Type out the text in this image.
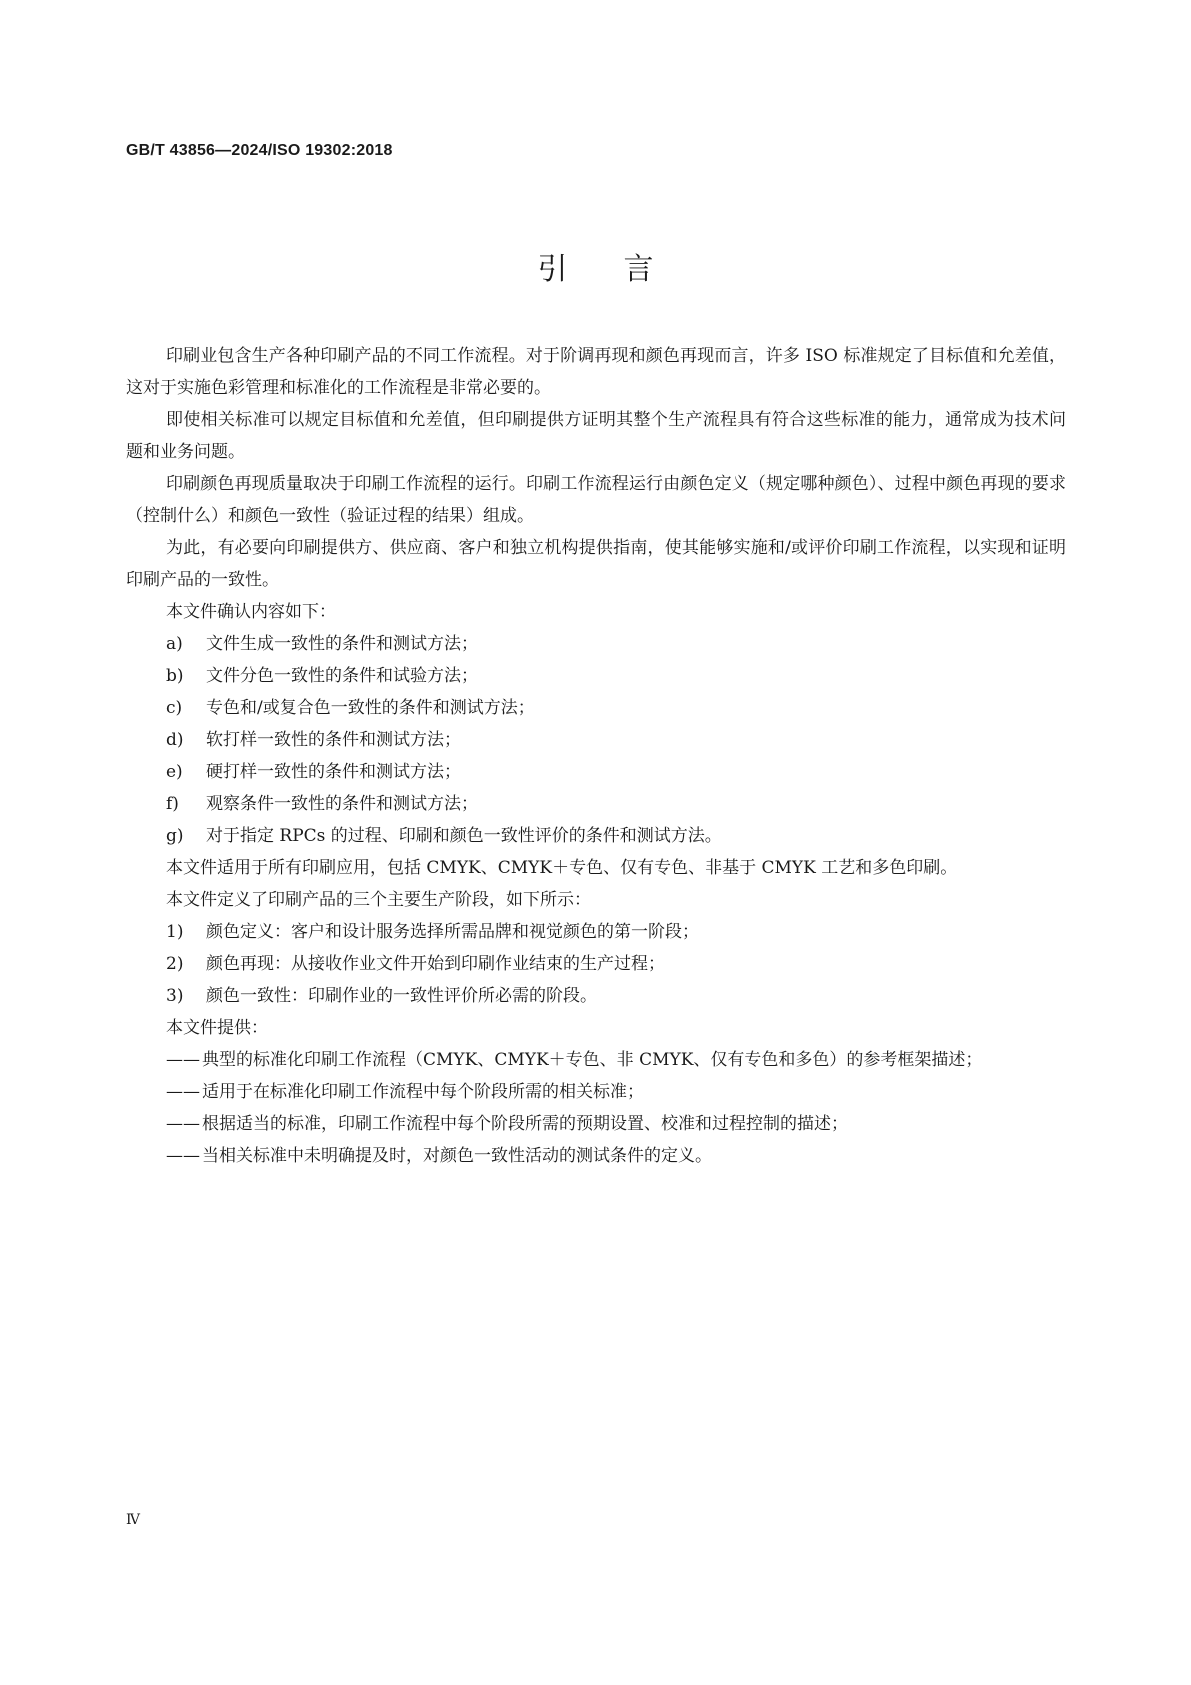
GB/T 43856—2024/ISO 19302:2018
引言

印刷业包含生产各种印刷产品的不同工作流程。对于阶调再现和颜色再现而言，许多 ISO 标准规定了目标值和允差值，这对于实施色彩管理和标准化的工作流程是非常必要的。

即使相关标准可以规定目标值和允差值，但印刷提供方证明其整个生产流程具有符合这些标准的能力，通常成为技术问题和业务问题。

印刷颜色再现质量取决于印刷工作流程的运行。印刷工作流程运行由颜色定义（规定哪种颜色）、过程中颜色再现的要求（控制什么）和颜色一致性（验证过程的结果）组成。

为此，有必要向印刷提供方、供应商、客户和独立机构提供指南，使其能够实施和/或评价印刷工作流程，以实现和证明印刷产品的一致性。

本文件确认内容如下：

a)	文件生成一致性的条件和测试方法；
b)	文件分色一致性的条件和试验方法；
c)	专色和/或复合色一致性的条件和测试方法；
d)	软打样一致性的条件和测试方法；
e)	硬打样一致性的条件和测试方法；
f)	观察条件一致性的条件和测试方法；
g)	对于指定 RPCs 的过程、印刷和颜色一致性评价的条件和测试方法。

本文件适用于所有印刷应用，包括 CMYK、CMYK＋专色、仅有专色、非基于 CMYK 工艺和多色印刷。

本文件定义了印刷产品的三个主要生产阶段，如下所示：

1)	颜色定义：客户和设计服务选择所需品牌和视觉颜色的第一阶段；
2)	颜色再现：从接收作业文件开始到印刷作业结束的生产过程；
3)	颜色一致性：印刷作业的一致性评价所必需的阶段。

本文件提供：

—— 典型的标准化印刷工作流程（CMYK、CMYK＋专色、非 CMYK、仅有专色和多色）的参考框架描述；
—— 适用于在标准化印刷工作流程中每个阶段所需的相关标准；
—— 根据适当的标准，印刷工作流程中每个阶段所需的预期设置、校准和过程控制的描述；
—— 当相关标准中未明确提及时，对颜色一致性活动的测试条件的定义。
Ⅳ
